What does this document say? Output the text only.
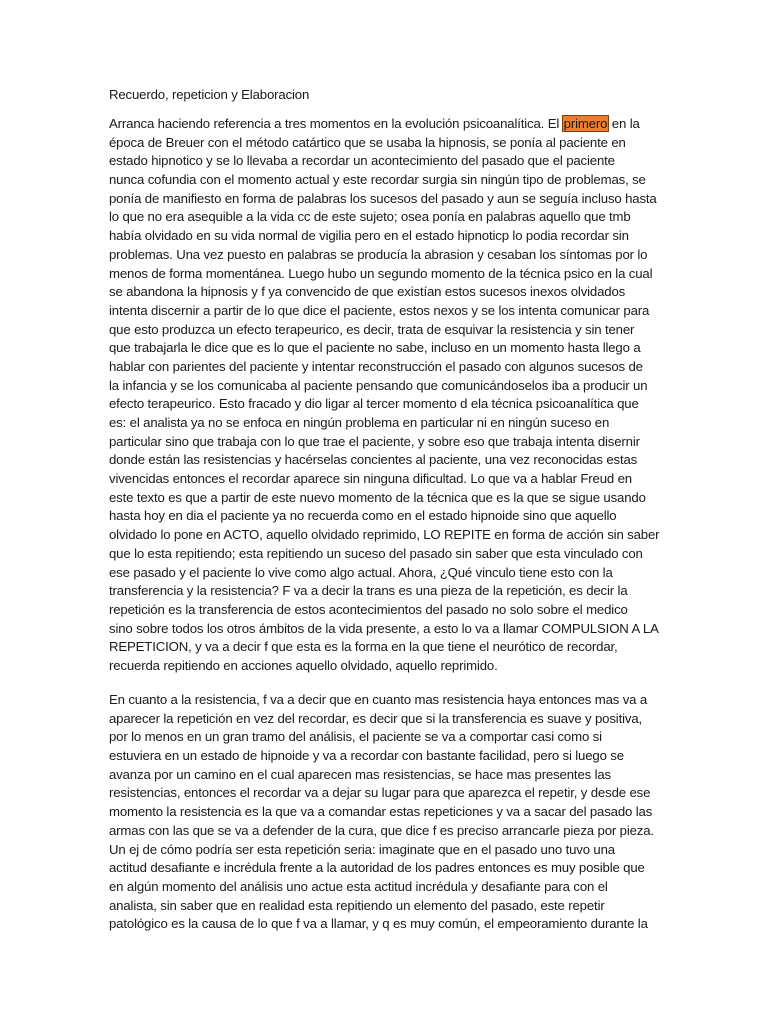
Recuerdo, repeticion y Elaboracion
Arranca haciendo referencia a tres momentos en la evolución psicoanalítica. El primero en la
época de Breuer con el método catártico que se usaba la hipnosis, se ponía al paciente en
estado hipnotico y se lo llevaba a recordar un acontecimiento del pasado que el paciente
nunca cofundia con el momento actual y este recordar surgia sin ningún tipo de problemas, se
ponía de manifiesto en forma de palabras los sucesos del pasado y aun se seguía incluso hasta
lo que no era asequible a la vida cc de este sujeto; osea ponía en palabras aquello que tmb
había olvidado en su vida normal de vigilia pero en el estado hipnoticp lo podia recordar sin
problemas. Una vez puesto en palabras se producía la abrasion y cesaban los síntomas por lo
menos de forma momentánea. Luego hubo un segundo momento de la técnica psico en la cual
se abandona la hipnosis y f ya convencido de que existían estos sucesos inexos olvidados
intenta discernir a partir de lo que dice el paciente, estos nexos y se los intenta comunicar para
que esto produzca un efecto terapeurico, es decir, trata de esquivar la resistencia y sin tener
que trabajarla le dice que es lo que el paciente no sabe, incluso en un momento hasta llego a
hablar con parientes del paciente y intentar reconstrucción el pasado con algunos sucesos de
la infancia y se los comunicaba al paciente pensando que comunicándoselos iba a producir un
efecto terapeurico. Esto fracado y dio ligar al tercer momento d ela técnica psicoanalítica que
es: el analista ya no se enfoca en ningún problema en particular ni en ningún suceso en
particular sino que trabaja con lo que trae el paciente, y sobre eso que trabaja intenta disernir
donde están las resistencias y hacérselas concientes al paciente, una vez reconocidas estas
vivencidas entonces el recordar aparece sin ninguna dificultad. Lo que va a hablar Freud en
este texto es que a partir de este nuevo momento de la técnica que es la que se sigue usando
hasta hoy en dia el paciente ya no recuerda como en el estado hipnoide sino que aquello
olvidado lo pone en ACTO, aquello olvidado reprimido, LO REPITE en forma de acción sin saber
que lo esta repitiendo; esta repitiendo un suceso del pasado sin saber que esta vinculado con
ese pasado y el paciente lo vive como algo actual. Ahora, ¿Qué vinculo tiene esto con la
transferencia y la resistencia? F va a decir la trans es una pieza de la repetición, es decir la
repetición es la transferencia de estos acontecimientos del pasado no solo sobre el medico
sino sobre todos los otros ámbitos de la vida presente, a esto lo va a llamar COMPULSION A LA
REPETICION, y va a decir f que esta es la forma en la que tiene el neurótico de recordar,
recuerda repitiendo en acciones aquello olvidado, aquello reprimido.
En cuanto a la resistencia, f va a decir que en cuanto mas resistencia haya entonces mas va a
aparecer la repetición en vez del recordar, es decir que si la transferencia es suave y positiva,
por lo menos en un gran tramo del análisis, el paciente se va a comportar casi como si
estuviera en un estado de hipnoide y va a recordar con bastante facilidad, pero si luego se
avanza por un camino en el cual aparecen mas resistencias, se hace mas presentes las
resistencias, entonces el recordar va a dejar su lugar para que aparezca el repetir, y desde ese
momento la resistencia es la que va a comandar estas repeticiones y va a sacar del pasado las
armas con las que se va a defender de la cura, que dice f es preciso arrancarle pieza por pieza.
Un ej de cómo podría ser esta repetición seria: imaginate que en el pasado uno tuvo una
actitud desafiante e incrédula frente a la autoridad de los padres entonces es muy posible que
en algún momento del análisis uno actue esta actitud incrédula y desafiante para con el
analista, sin saber que en realidad esta repitiendo un elemento del pasado, este repetir
patológico es la causa de lo que f va a llamar, y q es muy común, el empeoramiento durante la
